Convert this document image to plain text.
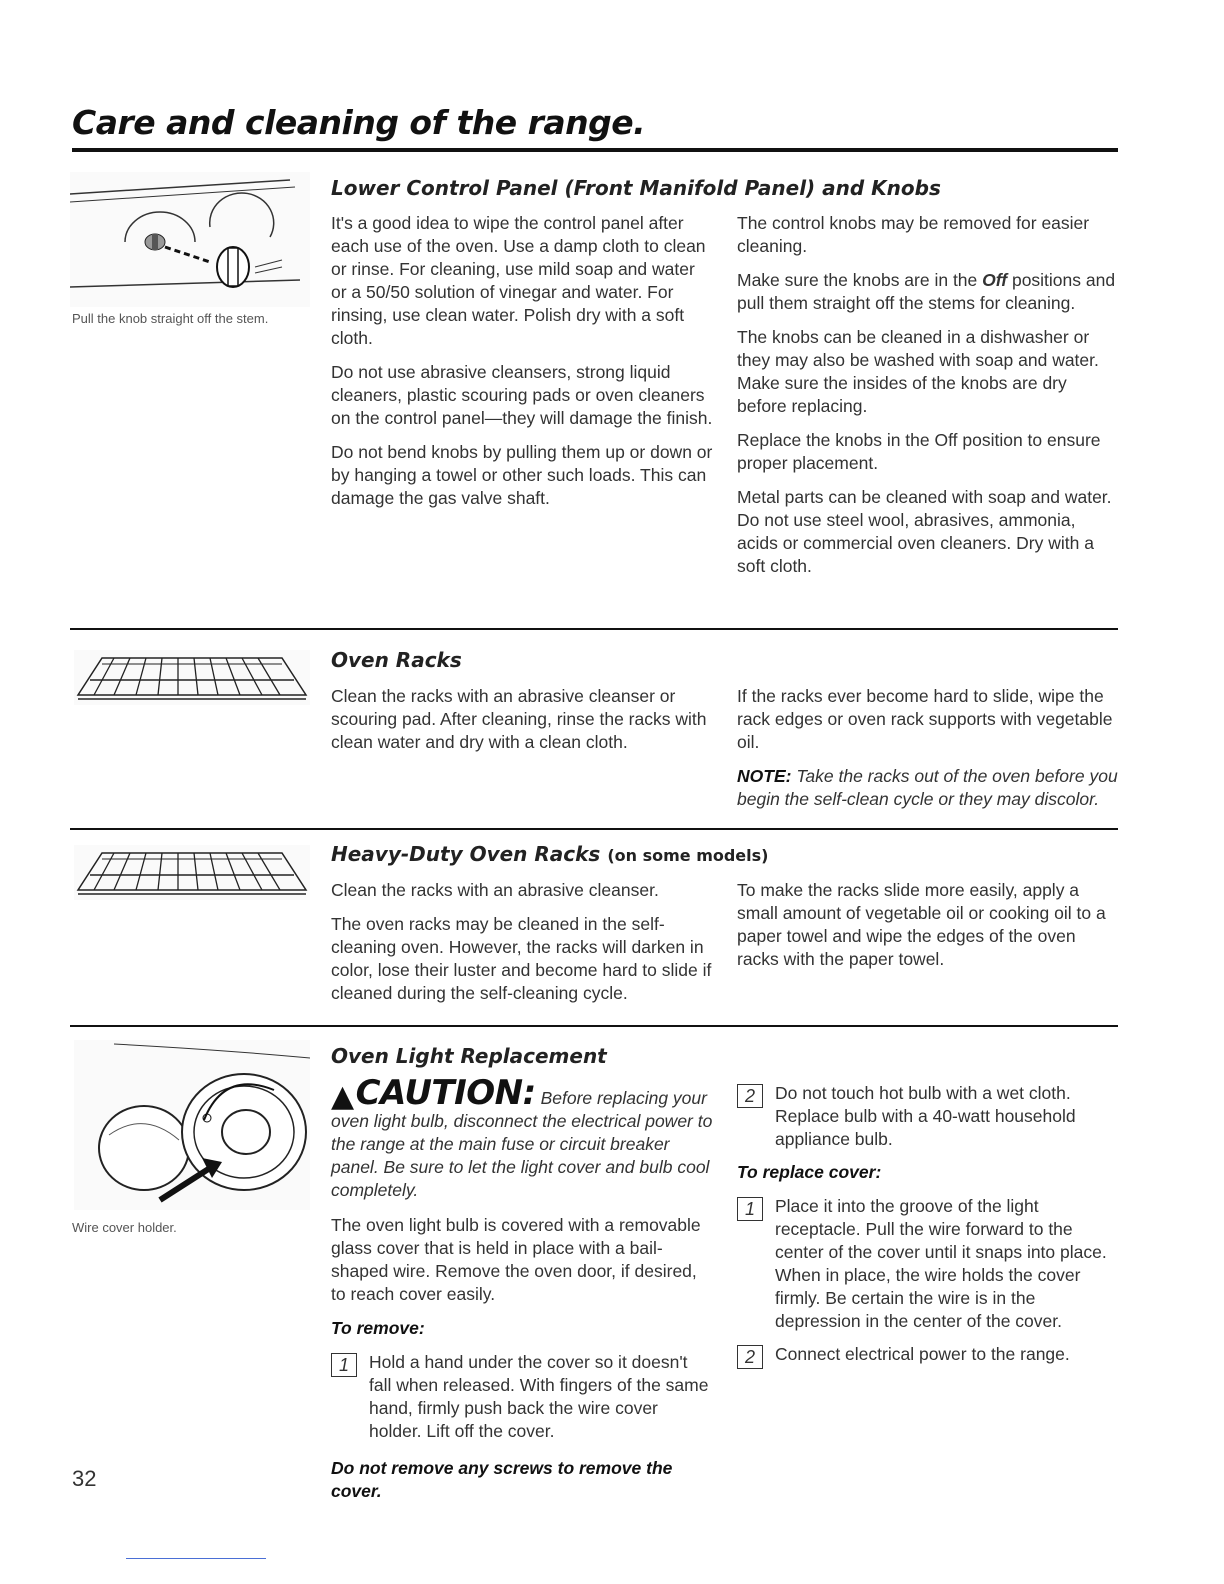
Care and cleaning of the range.
Pull the knob straight off the stem.
Lower Control Panel (Front Manifold Panel) and Knobs

It's a good idea to wipe the control panel after each use of the oven. Use a damp cloth to clean or rinse. For cleaning, use mild soap and water or a 50/50 solution of vinegar and water. For rinsing, use clean water. Polish dry with a soft cloth.

Do not use abrasive cleansers, strong liquid cleaners, plastic scouring pads or oven cleaners on the control panel—they will damage the finish.

Do not bend knobs by pulling them up or down or by hanging a towel or other such loads. This can damage the gas valve shaft.

The control knobs may be removed for easier cleaning.

Make sure the knobs are in the Off positions and pull them straight off the stems for cleaning.

The knobs can be cleaned in a dishwasher or they may also be washed with soap and water. Make sure the insides of the knobs are dry before replacing.

Replace the knobs in the Off position to ensure proper placement.

Metal parts can be cleaned with soap and water. Do not use steel wool, abrasives, ammonia, acids or commercial oven cleaners. Dry with a soft cloth.

Oven Racks

Clean the racks with an abrasive cleanser or scouring pad. After cleaning, rinse the racks with clean water and dry with a clean cloth.

If the racks ever become hard to slide, wipe the rack edges or oven rack supports with vegetable oil.

NOTE: Take the racks out of the oven before you begin the self-clean cycle or they may discolor.

Heavy-Duty Oven Racks (on some models)

Clean the racks with an abrasive cleanser.

The oven racks may be cleaned in the self-cleaning oven. However, the racks will darken in color, lose their luster and become hard to slide if cleaned during the self-cleaning cycle.

To make the racks slide more easily, apply a small amount of vegetable oil or cooking oil to a paper towel and wipe the edges of the oven racks with the paper towel.

Wire cover holder.
Oven Light Replacement

▲CAUTION: Before replacing your oven light bulb, disconnect the electrical power to the range at the main fuse or circuit breaker panel. Be sure to let the light cover and bulb cool completely.

The oven light bulb is covered with a removable glass cover that is held in place with a bail-shaped wire. Remove the oven door, if desired, to reach cover easily.

To remove:

1	Hold a hand under the cover so it doesn't fall when released. With fingers of the same hand, firmly push back the wire cover holder. Lift off the cover.

Do not remove any screws to remove the cover.

2	Do not touch hot bulb with a wet cloth. Replace bulb with a 40-watt household appliance bulb.

To replace cover:

1	Place it into the groove of the light receptacle. Pull the wire forward to the center of the cover until it snaps into place. When in place, the wire holds the cover firmly. Be certain the wire is in the depression in the center of the cover.
2	Connect electrical power to the range.
32
